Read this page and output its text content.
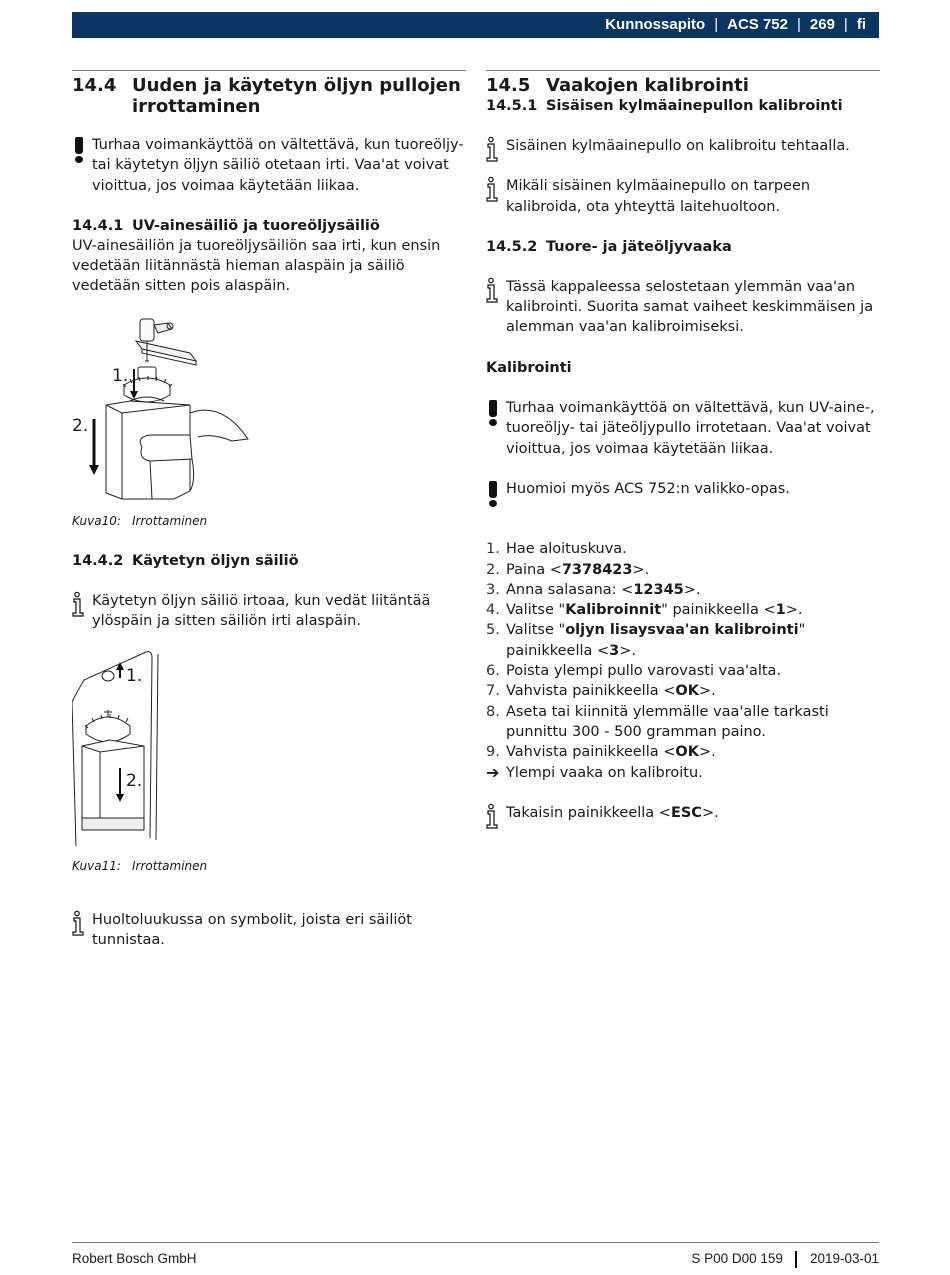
Kunnossapito | ACS 752 | 269 | fi
14.4 Uuden ja käytetyn öljyn pullojen irrottaminen

Turhaa voimankäyttöä on vältettävä, kun tuoreöljy- tai käytetyn öljyn säiliö otetaan irti. Vaa'at voivat vioittua, jos voimaa käytetään liikaa.

14.4.1 UV-ainesäiliö ja tuoreöljysäiliö

UV-ainesäiliön ja tuoreöljysäiliön saa irti, kun ensin vedetään liitännästä hieman alaspäin ja säiliö vedetään sitten pois alaspäin.

1.
2.
Kuva10: Irrottaminen
14.4.2 Käytetyn öljyn säiliö

Käytetyn öljyn säiliö irtoaa, kun vedät liitäntää ylöspäin ja sitten säiliön irti alaspäin.

1.
2.
Kuva11: Irrottaminen

Huoltoluukussa on symbolit, joista eri säiliöt tunnistaa.

14.5 Vaakojen kalibrointi
14.5.1 Sisäisen kylmäainepullon kalibrointi

Sisäinen kylmäainepullo on kalibroitu tehtaalla.

Mikäli sisäinen kylmäainepullo on tarpeen kalibroida, ota yhteyttä laitehuoltoon.

14.5.2 Tuore- ja jäteöljyvaaka

Tässä kappaleessa selostetaan ylemmän vaa'an kalibrointi. Suorita samat vaiheet keskimmäisen ja alemman vaa'an kalibroimiseksi.

Kalibrointi

Turhaa voimankäyttöä on vältettävä, kun UV-aine-, tuoreöljy- tai jäteöljypullo irrotetaan. Vaa'at voivat vioittua, jos voimaa käytetään liikaa.

Huomioi myös ACS 752:n valikko-opas.

1. Hae aloituskuva.
2. Paina <7378423>.
3. Anna salasana: <12345>.
4. Valitse "Kalibroinnit" painikkeella <1>.
5. Valitse "oljyn lisaysvaa'an kalibrointi" painikkeella <3>.
6. Poista ylempi pullo varovasti vaa'alta.
7. Vahvista painikkeella <OK>.
8. Aseta tai kiinnitä ylemmälle vaa'alle tarkasti punnittu 300 - 500 gramman paino.
9. Vahvista painikkeella <OK>.
➔ Ylempi vaaka on kalibroitu.

Takaisin painikkeella <ESC>.

Robert Bosch GmbH	S P00 D00 159 2019-03-01
